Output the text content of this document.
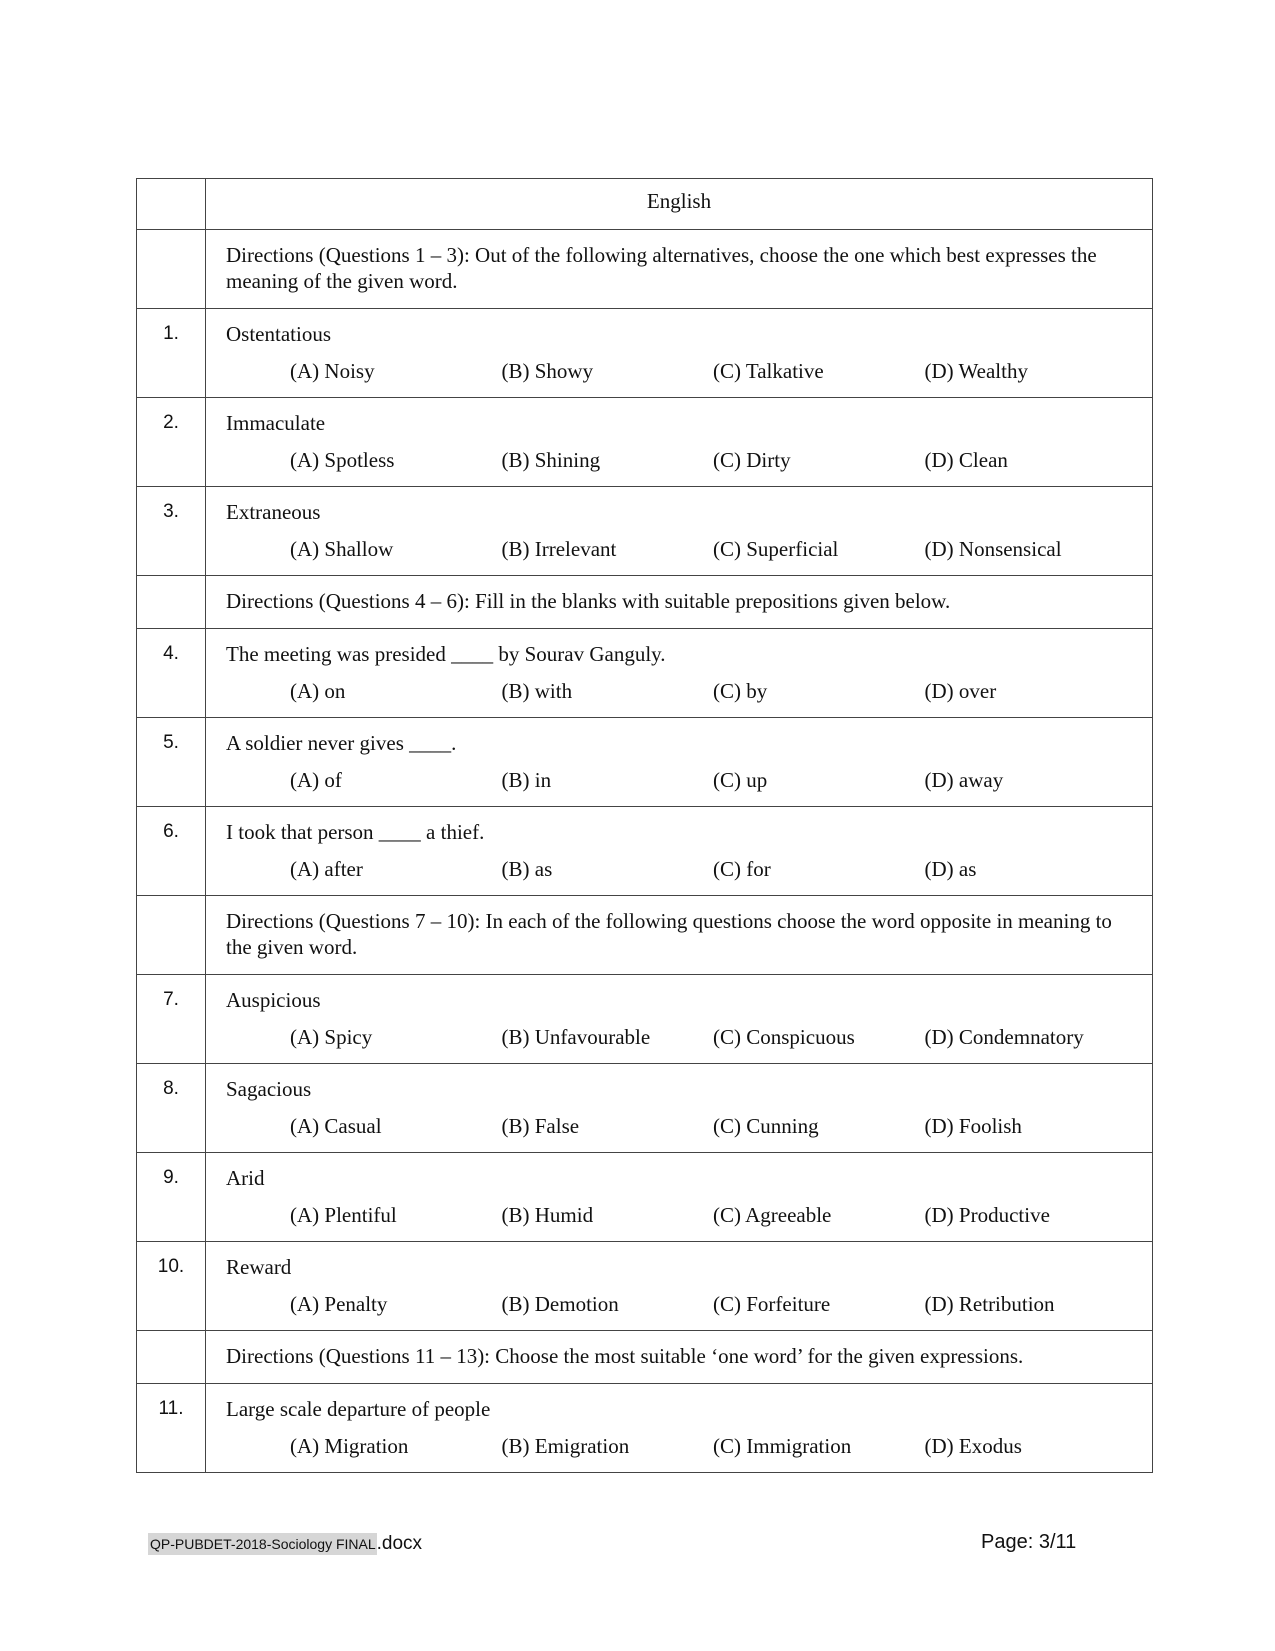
	English
	Directions (Questions 1 – 3): Out of the following alternatives, choose the one which best expresses the meaning of the given word.
1.	Ostentatious
(A) Noisy (B) Showy (C) Talkative (D) Wealthy

2.	Immaculate
(A) Spotless (B) Shining (C) Dirty (D) Clean

3.	Extraneous
(A) Shallow (B) Irrelevant (C) Superficial (D) Nonsensical

	Directions (Questions 4 – 6): Fill in the blanks with suitable prepositions given below.
4.	The meeting was presided ____ by Sourav Ganguly.
(A) on (B) with (C) by (D) over

5.	A soldier never gives ____.
(A) of (B) in (C) up (D) away

6.	I took that person ____ a thief.
(A) after (B) as (C) for (D) as

	Directions (Questions 7 – 10): In each of the following questions choose the word opposite in meaning to the given word.
7.	Auspicious
(A) Spicy (B) Unfavourable (C) Conspicuous (D) Condemnatory

8.	Sagacious
(A) Casual (B) False (C) Cunning (D) Foolish

9.	Arid
(A) Plentiful (B) Humid (C) Agreeable (D) Productive

10.	Reward
(A) Penalty (B) Demotion (C) Forfeiture (D) Retribution

	Directions (Questions 11 – 13): Choose the most suitable ‘one word’ for the given expressions.
11.	Large scale departure of people
(A) Migration (B) Emigration (C) Immigration (D) Exodus
QP-PUBDET-2018-Sociology FINAL.docx	Page: 3/11
